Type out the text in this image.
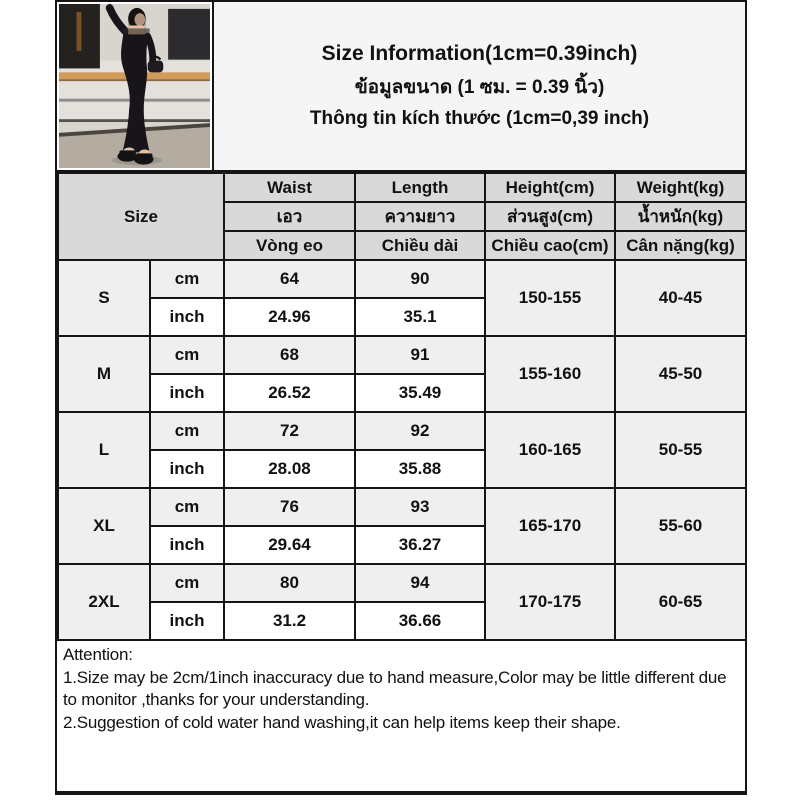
Size Information(1cm=0.39inch)
ข้อมูลขนาด (1 ซม. = 0.39 นิ้ว)
Thông tin kích thước (1cm=0,39 inch)
Size		Waist	Length	Height(cm)	Weight(kg)
		เอว	ความยาว	ส่วนสูง(cm)	น้ำหนัก(kg)
		Vòng eo	Chiều dài	Chiều cao(cm)	Cân nặng(kg)
S	cm	64	90	150-155	40-45
	inch	24.96	35.1		
M	cm	68	91	155-160	45-50
	inch	26.52	35.49		
L	cm	72	92	160-165	50-55
	inch	28.08	35.88		
XL	cm	76	93	165-170	55-60
	inch	29.64	36.27		
2XL	cm	80	94	170-175	60-65
	inch	31.2	36.66		
Attention:
1.Size may be 2cm/1inch inaccuracy due to hand measure,Color may be little different due to monitor ,thanks for your understanding.
2.Suggestion of cold water hand washing,it can help items keep their shape.
